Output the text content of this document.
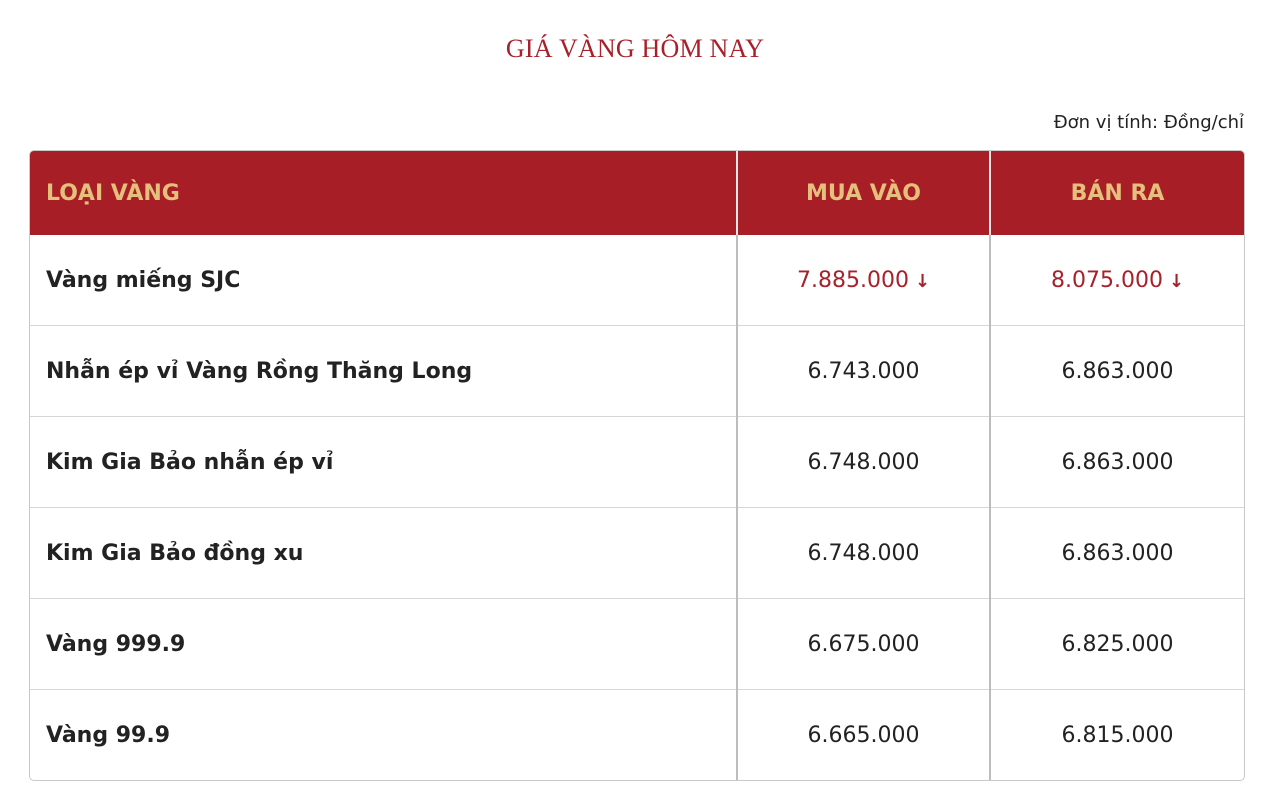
GIÁ VÀNG HÔM NAY
Đơn vị tính: Đồng/chỉ
LOẠI VÀNG	MUA VÀO	BÁN RA
Vàng miếng SJC	7.885.000 ↓	8.075.000 ↓
Nhẫn ép vỉ Vàng Rồng Thăng Long	6.743.000	6.863.000
Kim Gia Bảo nhẫn ép vỉ	6.748.000	6.863.000
Kim Gia Bảo đồng xu	6.748.000	6.863.000
Vàng 999.9	6.675.000	6.825.000
Vàng 99.9	6.665.000	6.815.000
